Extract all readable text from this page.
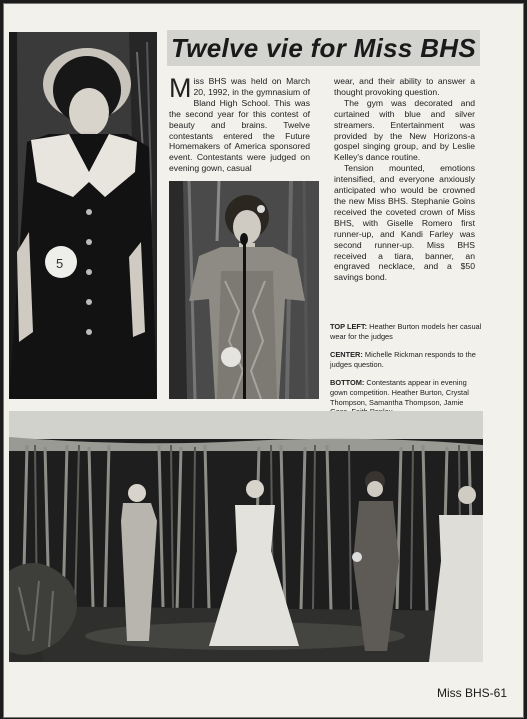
5
Twelve vie for Miss BHS

Miss BHS was held on March 20, 1992, in the gymnasium of Bland High School. This was the second year for this contest of beauty and brains. Twelve contestants entered the Future Homemakers of America sponsored event. Contestants were judged on evening gown, casual

wear, and their ability to answer a thought provoking question.

The gym was decorated and curtained with blue and silver streamers. Entertainment was provided by the New Horizons-a gospel singing group, and by Leslie Kelley's dance routine.

Tension mounted, emotions intensified, and everyone anxiously anticipated who would be crowned the new Miss BHS. Stephanie Goins received the coveted crown of Miss BHS, with Giselle Romero first runner-up, and Kandi Farley was second runner-up. Miss BHS received a tiara, banner, an engraved necklace, and a $50 savings bond.

TOP LEFT: Heather Burton models her casual wear for the judges
CENTER: Michelle Rickman responds to the judges question.
BOTTOM: Contestants appear in evening gown competition. Heather Burton, Crystal Thompson, Samantha Thompson, Jamie
Miss BHS-61
